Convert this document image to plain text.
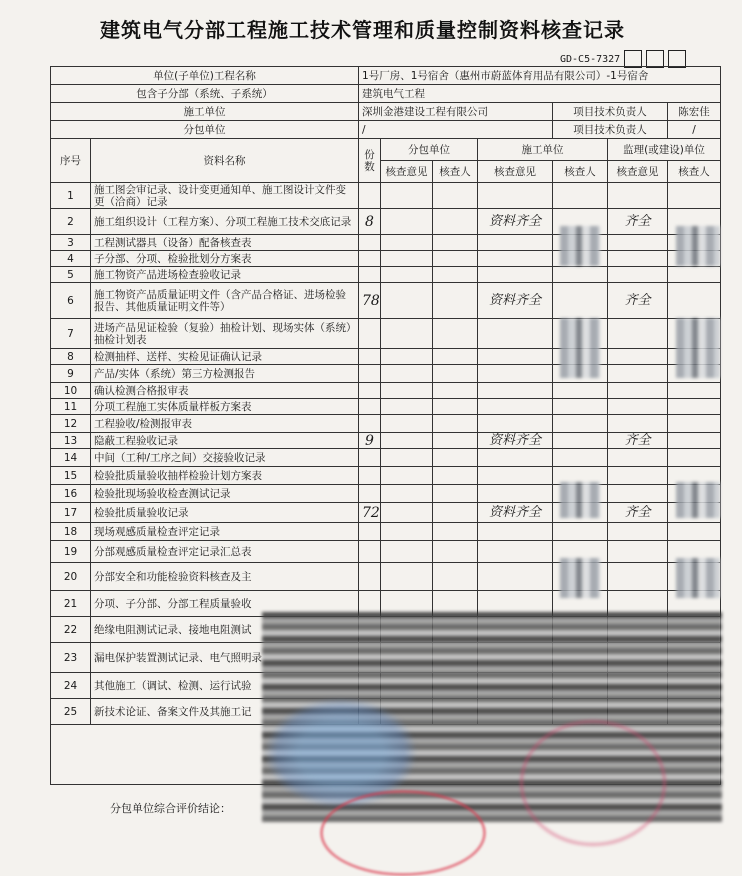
建筑电气分部工程施工技术管理和质量控制资料核查记录
GD-C5-7327
单位(子单位)工程名称		1号厂房、1号宿舍（惠州市蔚蓝体育用品有限公司）-1号宿舍						
包含子分部（系统、子系统）		建筑电气工程						
施工单位		深圳金港建设工程有限公司				项目技术负责人		陈宏佳
分包单位		/				项目技术负责人		/
序号	资料名称	份数	分包单位		施工单位		监理(或建设)单位	
			核查意见	核查人	核查意见	核查人	核查意见	核查人
1	施工图会审记录、设计变更通知单、施工图设计文件变更（洽商）记录							
2	施工组织设计（工程方案）、分项工程施工技术交底记录	8			资料齐全		齐全	
3	工程测试器具（设备）配备核查表							
4	子分部、分项、检验批划分方案表							
5	施工物资产品进场检查验收记录							
6	施工物资产品质量证明文件（含产品合格证、进场检验报告、其他质量证明文件等）	78			资料齐全		齐全	
7	进场产品见证检验（复验）抽检计划、现场实体（系统）抽检计划表							
8	检测抽样、送样、实检见证确认记录							
9	产品/实体（系统）第三方检测报告							
10	确认检测合格报审表							
11	分项工程施工实体质量样板方案表							
12	工程验收/检测报审表							
13	隐蔽工程验收记录	9			资料齐全		齐全	
14	中间（工种/工序之间）交接验收记录							
15	检验批质量验收抽样检验计划方案表							
16	检验批现场验收检查测试记录							
17	检验批质量验收记录	72			资料齐全		齐全	
18	现场观感质量检查评定记录							
19	分部观感质量检查评定记录汇总表							
20	分部安全和功能检验资料核查及主							
21	分项、子分部、分部工程质量验收							
22	绝缘电阻测试记录、接地电阻测试							
23	漏电保护装置测试记录、电气照明录							
24	其他施工（调试、检测、运行试验							
25	新技术论证、备案文件及其施工记							

分包单位综合评价结论：
